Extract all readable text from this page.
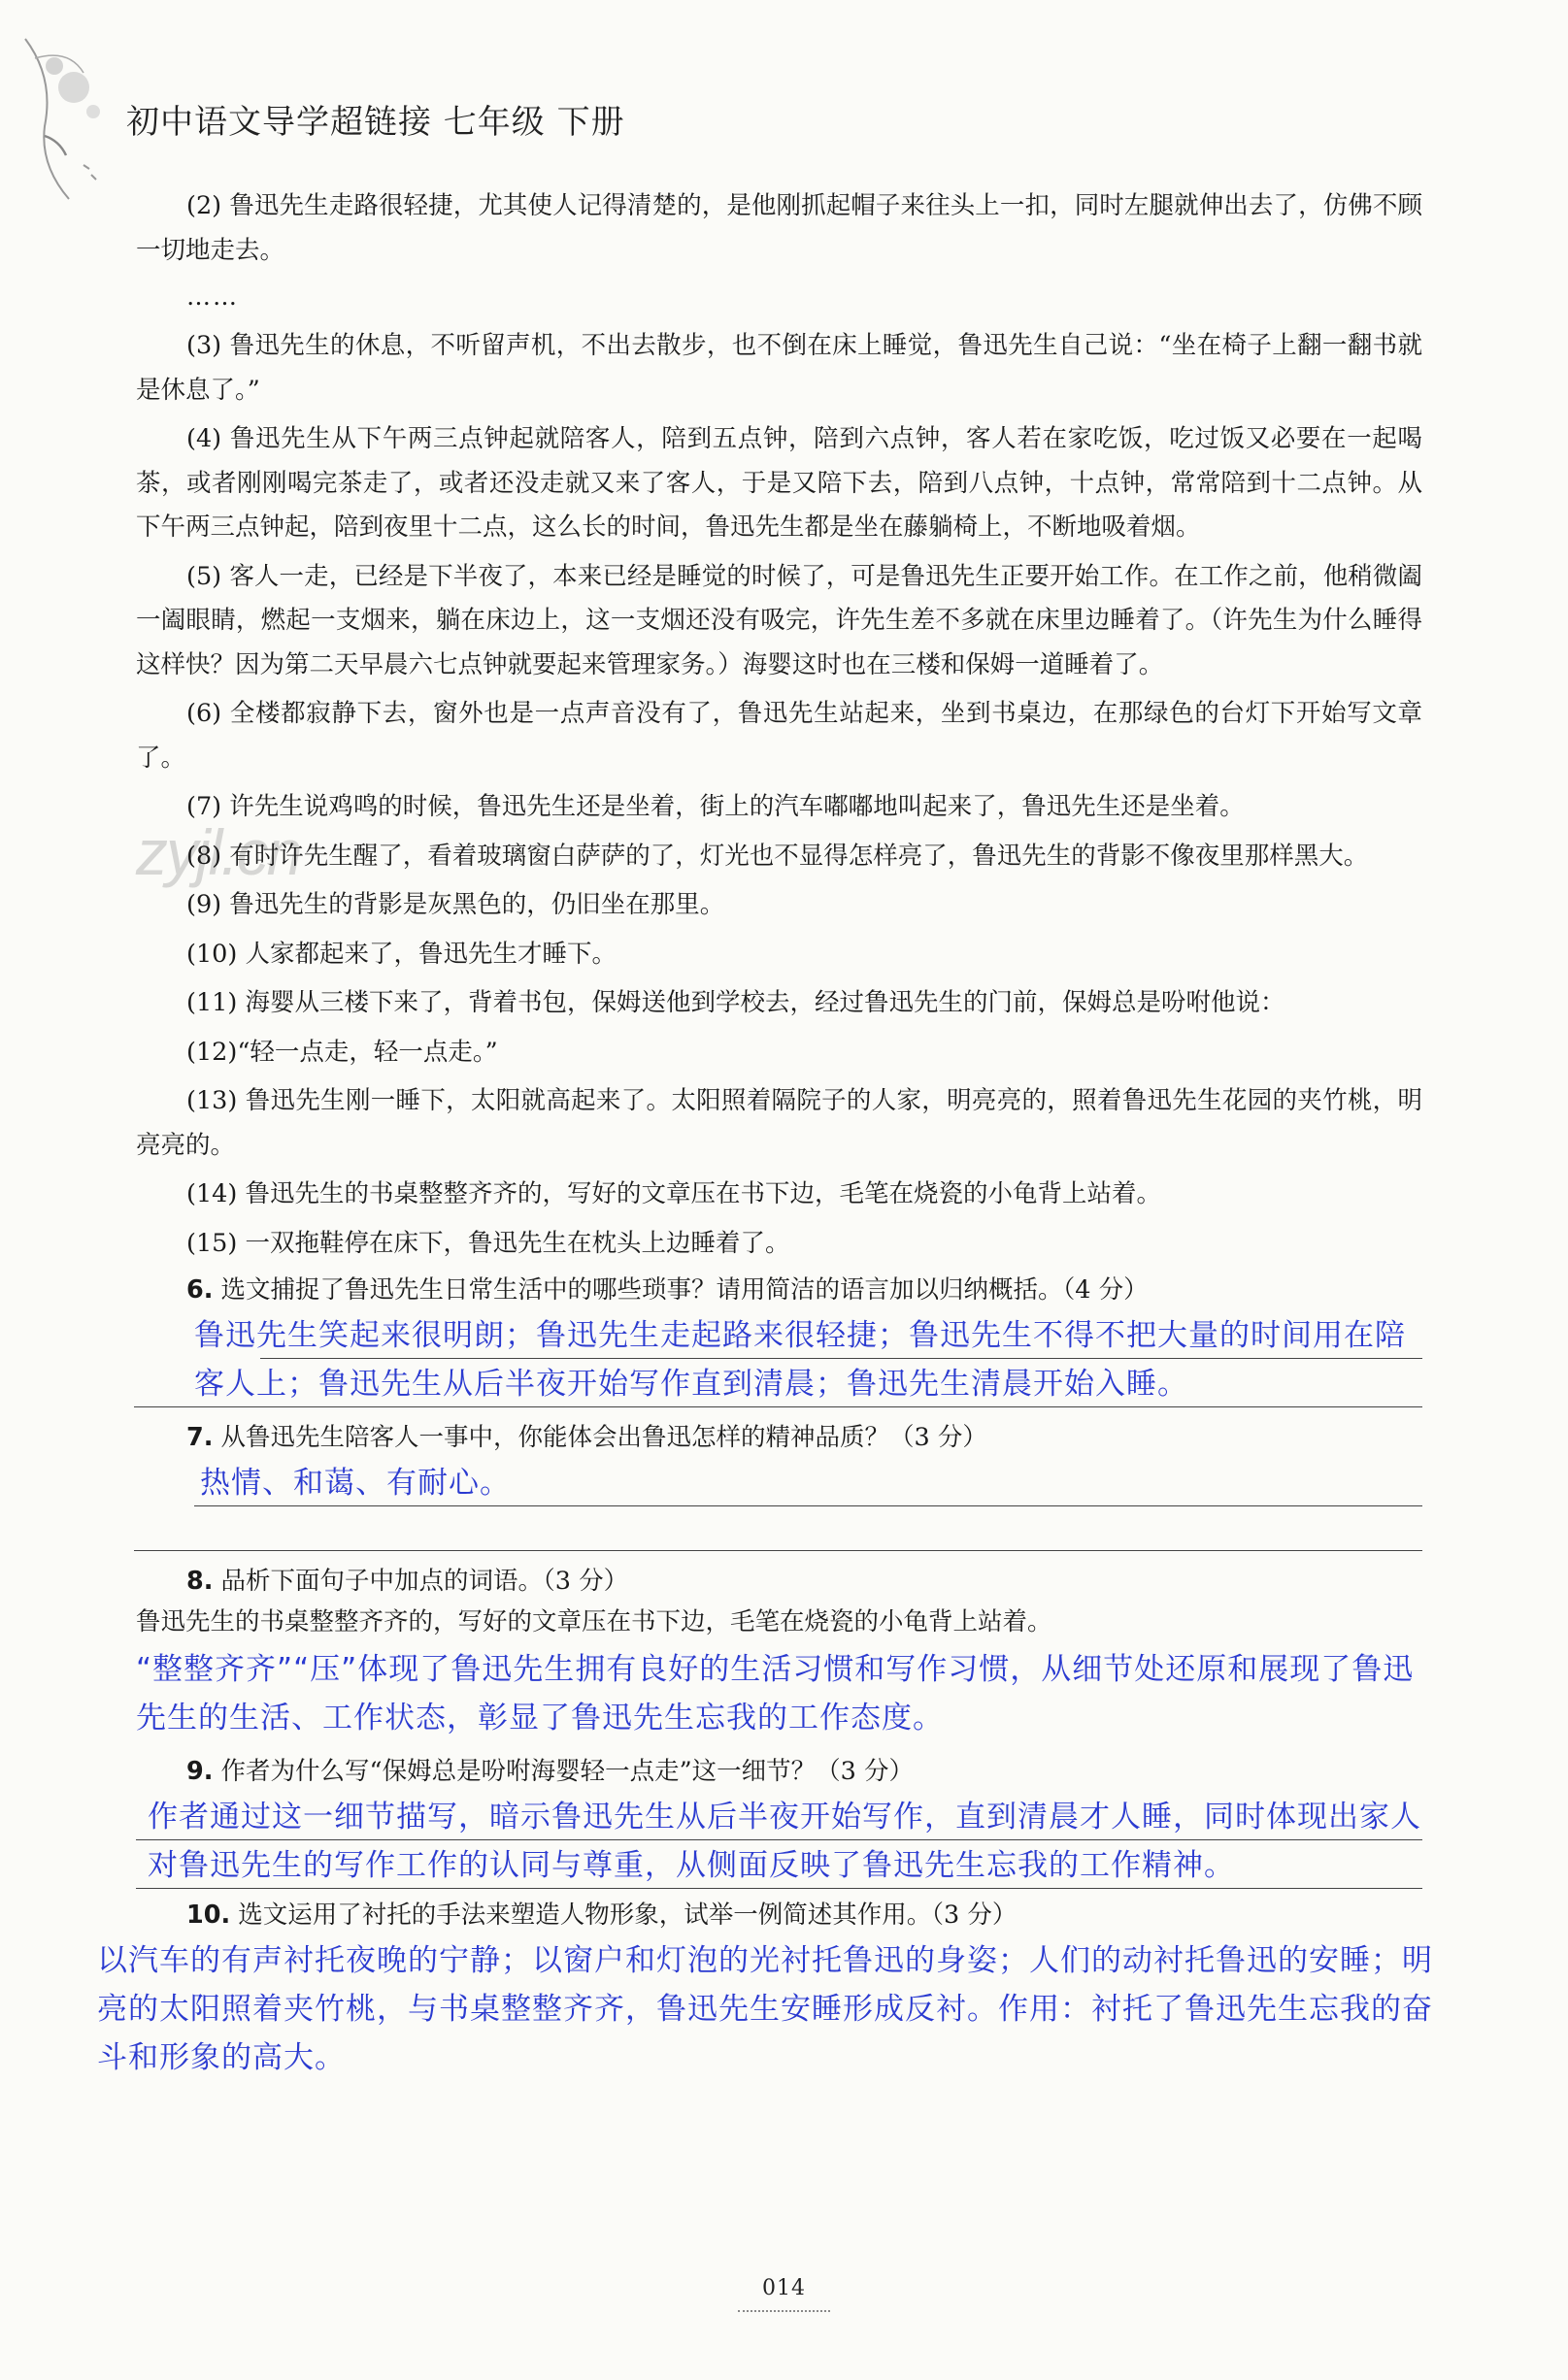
初中语文导学超链接 七年级 下册
zyjl.cn

(2) 鲁迅先生走路很轻捷，尤其使人记得清楚的，是他刚抓起帽子来往头上一扣，同时左腿就伸出去了，仿佛不顾一切地走去。

……

(3) 鲁迅先生的休息，不听留声机，不出去散步，也不倒在床上睡觉，鲁迅先生自己说：“坐在椅子上翻一翻书就是休息了。”

(4) 鲁迅先生从下午两三点钟起就陪客人，陪到五点钟，陪到六点钟，客人若在家吃饭，吃过饭又必要在一起喝茶，或者刚刚喝完茶走了，或者还没走就又来了客人，于是又陪下去，陪到八点钟，十点钟，常常陪到十二点钟。从下午两三点钟起，陪到夜里十二点，这么长的时间，鲁迅先生都是坐在藤躺椅上，不断地吸着烟。

(5) 客人一走，已经是下半夜了，本来已经是睡觉的时候了，可是鲁迅先生正要开始工作。在工作之前，他稍微阖一阖眼睛，燃起一支烟来，躺在床边上，这一支烟还没有吸完，许先生差不多就在床里边睡着了。（许先生为什么睡得这样快？因为第二天早晨六七点钟就要起来管理家务。）海婴这时也在三楼和保姆一道睡着了。

(6) 全楼都寂静下去，窗外也是一点声音没有了，鲁迅先生站起来，坐到书桌边，在那绿色的台灯下开始写文章了。

(7) 许先生说鸡鸣的时候，鲁迅先生还是坐着，街上的汽车嘟嘟地叫起来了，鲁迅先生还是坐着。

(8) 有时许先生醒了，看着玻璃窗白萨萨的了，灯光也不显得怎样亮了，鲁迅先生的背影不像夜里那样黑大。

(9) 鲁迅先生的背影是灰黑色的，仍旧坐在那里。

(10) 人家都起来了，鲁迅先生才睡下。

(11) 海婴从三楼下来了，背着书包，保姆送他到学校去，经过鲁迅先生的门前，保姆总是吩咐他说：

(12)“轻一点走，轻一点走。”

(13) 鲁迅先生刚一睡下，太阳就高起来了。太阳照着隔院子的人家，明亮亮的，照着鲁迅先生花园的夹竹桃，明亮亮的。

(14) 鲁迅先生的书桌整整齐齐的，写好的文章压在书下边，毛笔在烧瓷的小龟背上站着。

(15) 一双拖鞋停在床下，鲁迅先生在枕头上边睡着了。

6. 选文捕捉了鲁迅先生日常生活中的哪些琐事？请用简洁的语言加以归纳概括。（4 分）

鲁迅先生笑起来很明朗；鲁迅先生走起路来很轻捷；鲁迅先生不得不把大量的时间用在陪客人上；鲁迅先生从后半夜开始写作直到清晨；鲁迅先生清晨开始入睡。

7. 从鲁迅先生陪客人一事中，你能体会出鲁迅怎样的精神品质？（3 分）

热情、和蔼、有耐心。

8. 品析下面句子中加点的词语。（3 分）

鲁迅先生的书桌整整齐齐的，写好的文章压在书下边，毛笔在烧瓷的小龟背上站着。

“整整齐齐”“压”体现了鲁迅先生拥有良好的生活习惯和写作习惯，从细节处还原和展现了鲁迅先生的生活、工作状态，彰显了鲁迅先生忘我的工作态度。

9. 作者为什么写“保姆总是吩咐海婴轻一点走”这一细节？（3 分）

作者通过这一细节描写，暗示鲁迅先生从后半夜开始写作，直到清晨才人睡，同时体现出家人对鲁迅先生的写作工作的认同与尊重，从侧面反映了鲁迅先生忘我的工作精神。

10. 选文运用了衬托的手法来塑造人物形象，试举一例简述其作用。（3 分）

以汽车的有声衬托夜晚的宁静；以窗户和灯泡的光衬托鲁迅的身姿；人们的动衬托鲁迅的安睡；明亮的太阳照着夹竹桃，与书桌整整齐齐，鲁迅先生安睡形成反衬。作用：衬托了鲁迅先生忘我的奋斗和形象的高大。
014
